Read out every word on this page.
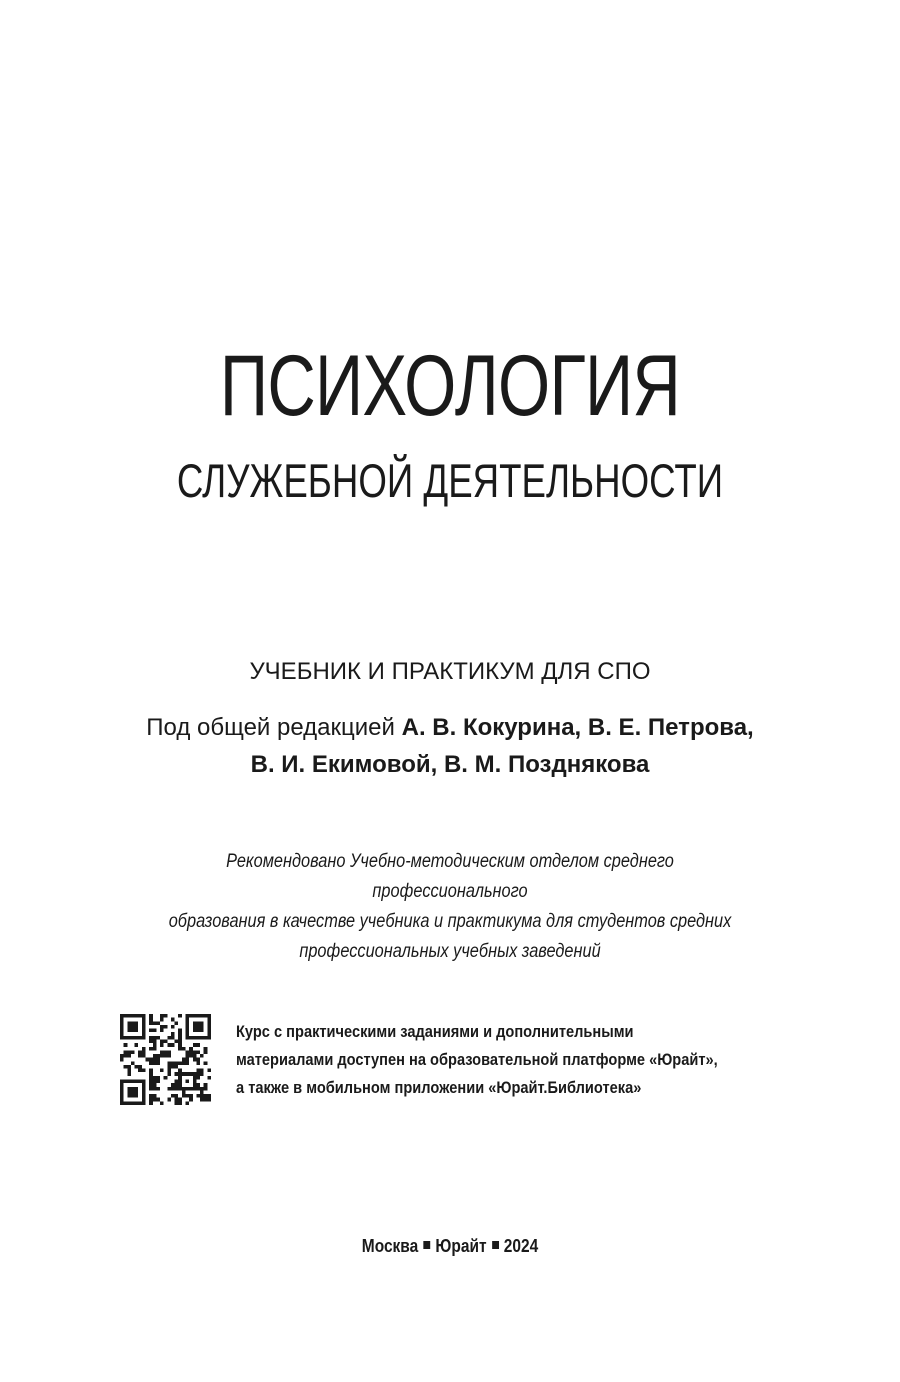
ПСИХОЛОГИЯ
СЛУЖЕБНОЙ ДЕЯТЕЛЬНОСТИ
УЧЕБНИК И ПРАКТИКУМ ДЛЯ СПО
Под общей редакцией А. В. Кокурина, В. Е. Петрова,
В. И. Екимовой, В. М. Позднякова
Рекомендовано Учебно-методическим отделом среднего профессионального
образования в качестве учебника и практикума для студентов средних
профессиональных учебных заведений
Курс с практическими заданиями и дополнительными
материалами доступен на образовательной платформе «Юрайт»,
а также в мобильном приложении «Юрайт.Библиотека»
Москва Юрайт 2024
